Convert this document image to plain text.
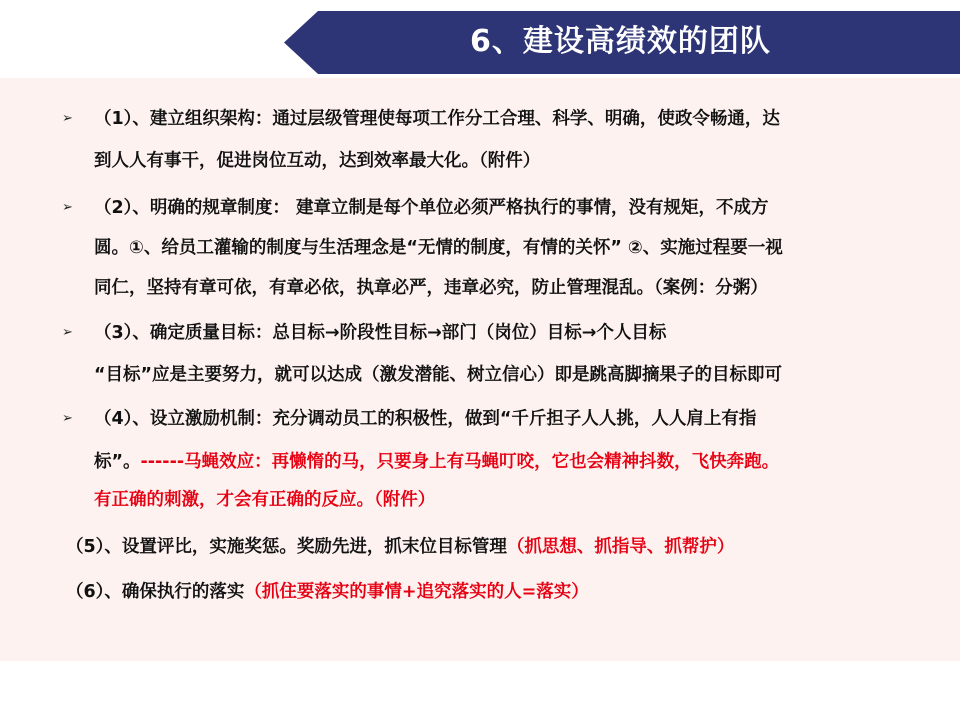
6、建设高绩效的团队
➢ （1）、建立组织架构：通过层级管理使每项工作分工合理、科学、明确，使政令畅通，达
到人人有事干，促进岗位互动，达到效率最大化。（附件）
➢ （2）、明确的规章制度： 建章立制是每个单位必须严格执行的事情，没有规矩，不成方
圆。①、给员工灌输的制度与生活理念是“无情的制度，有情的关怀” ②、实施过程要一视
同仁，坚持有章可依，有章必依，执章必严，违章必究，防止管理混乱。（案例：分粥）
➢ （3）、确定质量目标：总目标→阶段性目标→部门（岗位）目标→个人目标
“目标”应是主要努力，就可以达成（激发潜能、树立信心）即是跳高脚摘果子的目标即可
➢ （4）、设立激励机制：充分调动员工的积极性，做到“千斤担子人人挑，人人肩上有指
标”。------马蝇效应：再懒惰的马，只要身上有马蝇叮咬，它也会精神抖数，飞快奔跑。
有正确的刺激，才会有正确的反应。（附件）
（5）、设置评比，实施奖惩。奖励先进，抓末位目标管理（抓思想、抓指导、抓帮护）
（6）、确保执行的落实（抓住要落实的事情+追究落实的人=落实）
